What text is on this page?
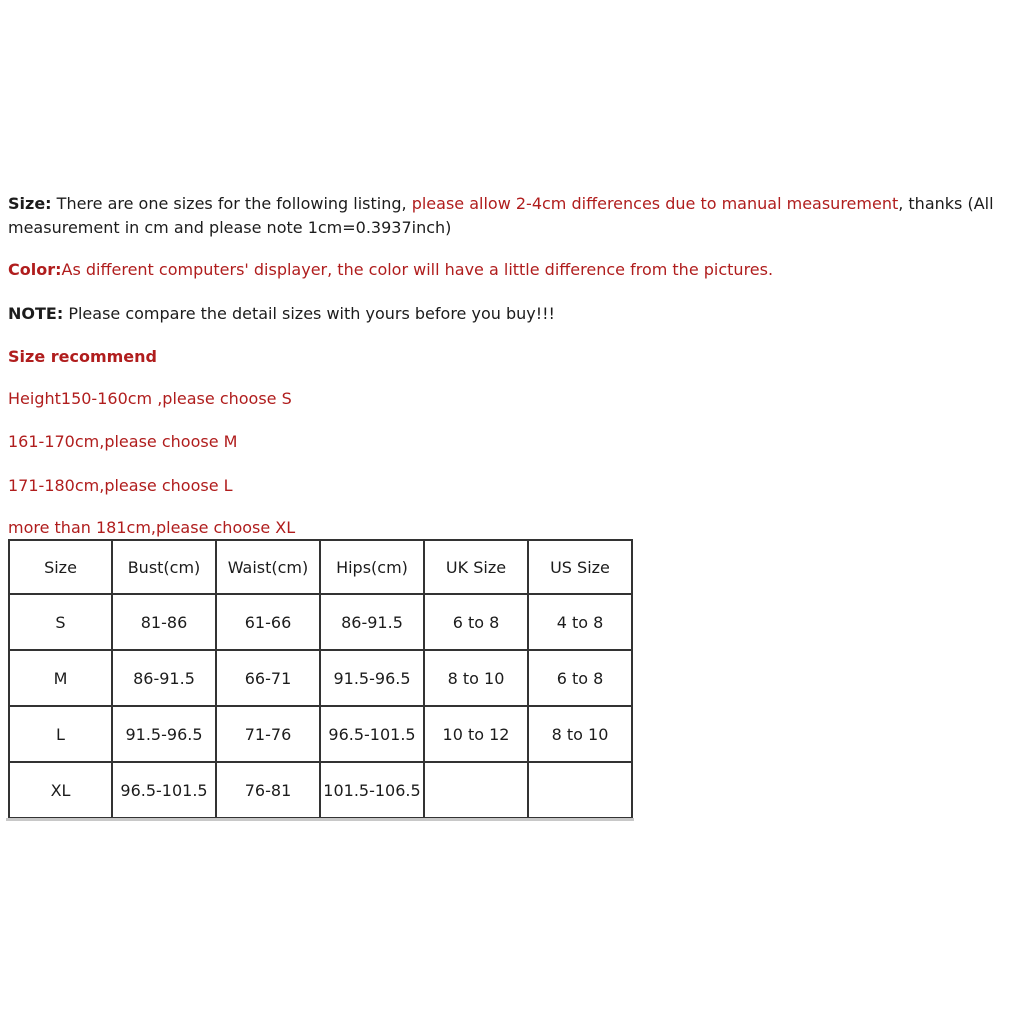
Size: There are one sizes for the following listing, please allow 2-4cm differences due to manual measurement, thanks (All
measurement in cm and please note 1cm=0.3937inch)
Color:As different computers' displayer, the color will have a little difference from the pictures.
NOTE: Please compare the detail sizes with yours before you buy!!!
Size recommend
Height150-160cm ,please choose S
161-170cm,please choose M
171-180cm,please choose L
more than 181cm,please choose XL
Size	Bust(cm)	Waist(cm)	Hips(cm)	UK Size	US Size
S	81-86	61-66	86-91.5	6 to 8	4 to 8
M	86-91.5	66-71	91.5-96.5	8 to 10	6 to 8
L	91.5-96.5	71-76	96.5-101.5	10 to 12	8 to 10
XL	96.5-101.5	76-81	101.5-106.5		
